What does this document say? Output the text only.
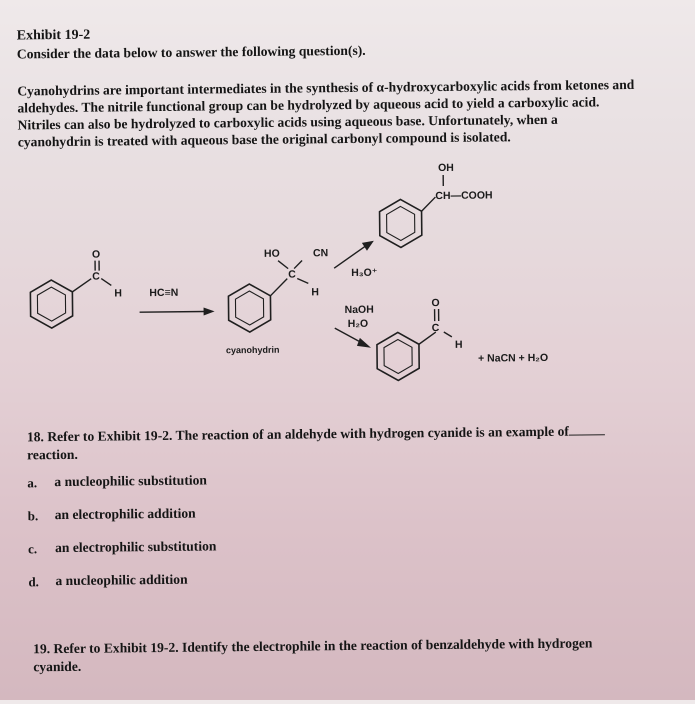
Exhibit 19-2
Consider the data below to answer the following question(s).
Cyanohydrins are important intermediates in the synthesis of α-hydroxycarboxylic acids from ketones and
aldehydes. The nitrile functional group can be hydrolyzed by aqueous acid to yield a carboxylic acid.
Nitriles can also be hydrolyzed to carboxylic acids using aqueous base. Unfortunately, when a
cyanohydrin is treated with aqueous base the original carbonyl compound is isolated.
O
C
H	HC≡N
HO	CN
C
H
cyanohydrin
H₃O⁺
OH
CH—COOH
NaOH
H₂O
O
C
H
+ NaCN + H₂O
18. Refer to Exhibit 19-2. The reaction of an aldehyde with hydrogen cyanide is an example of
reaction.
a. a nucleophilic substitution
b. an electrophilic addition
c. an electrophilic substitution
d. a nucleophilic addition
19. Refer to Exhibit 19-2. Identify the electrophile in the reaction of benzaldehyde with hydrogen
cyanide.
